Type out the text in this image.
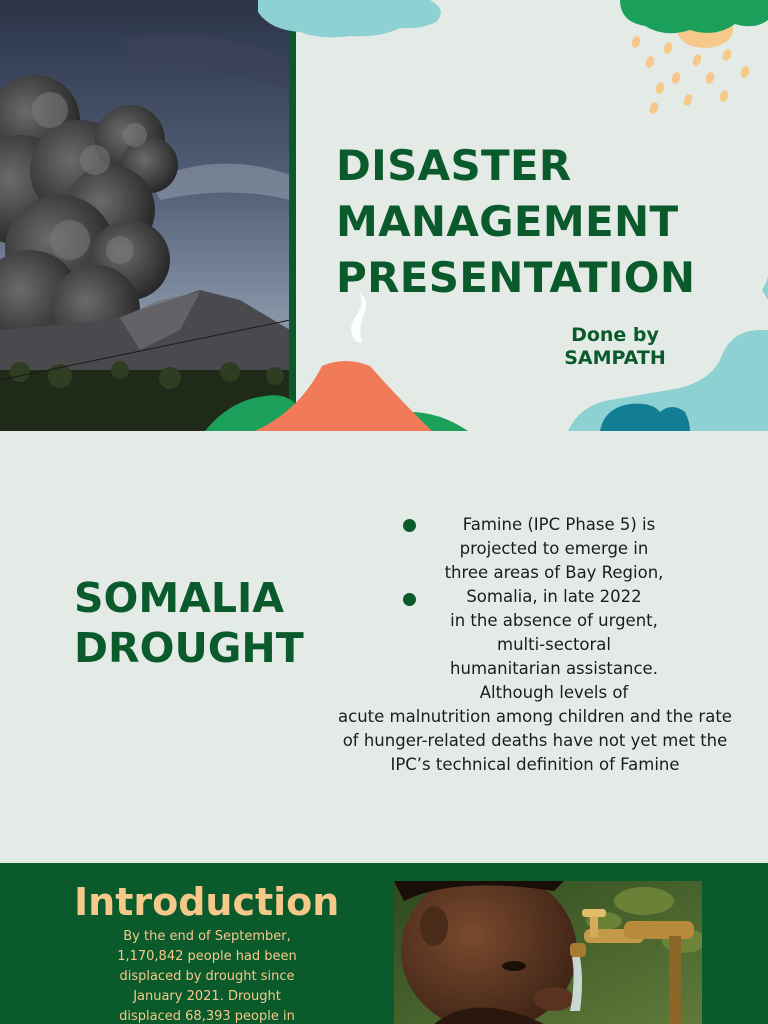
DISASTER
MANAGEMENT
PRESENTATION
Done by
SAMPATH
SOMALIA
DROUGHT
Famine (IPC Phase 5) is
projected to emerge in
three areas of Bay Region,
Somalia, in late 2022
in the absence of urgent,
multi-sectoral
humanitarian assistance.
Although levels of
acute malnutrition among children and the rate
of hunger-related deaths have not yet met the
IPC’s technical definition of Famine
Introduction
By the end of September,
1,170,842 people had been
displaced by drought since
January 2021. Drought
displaced 68,393 people in
